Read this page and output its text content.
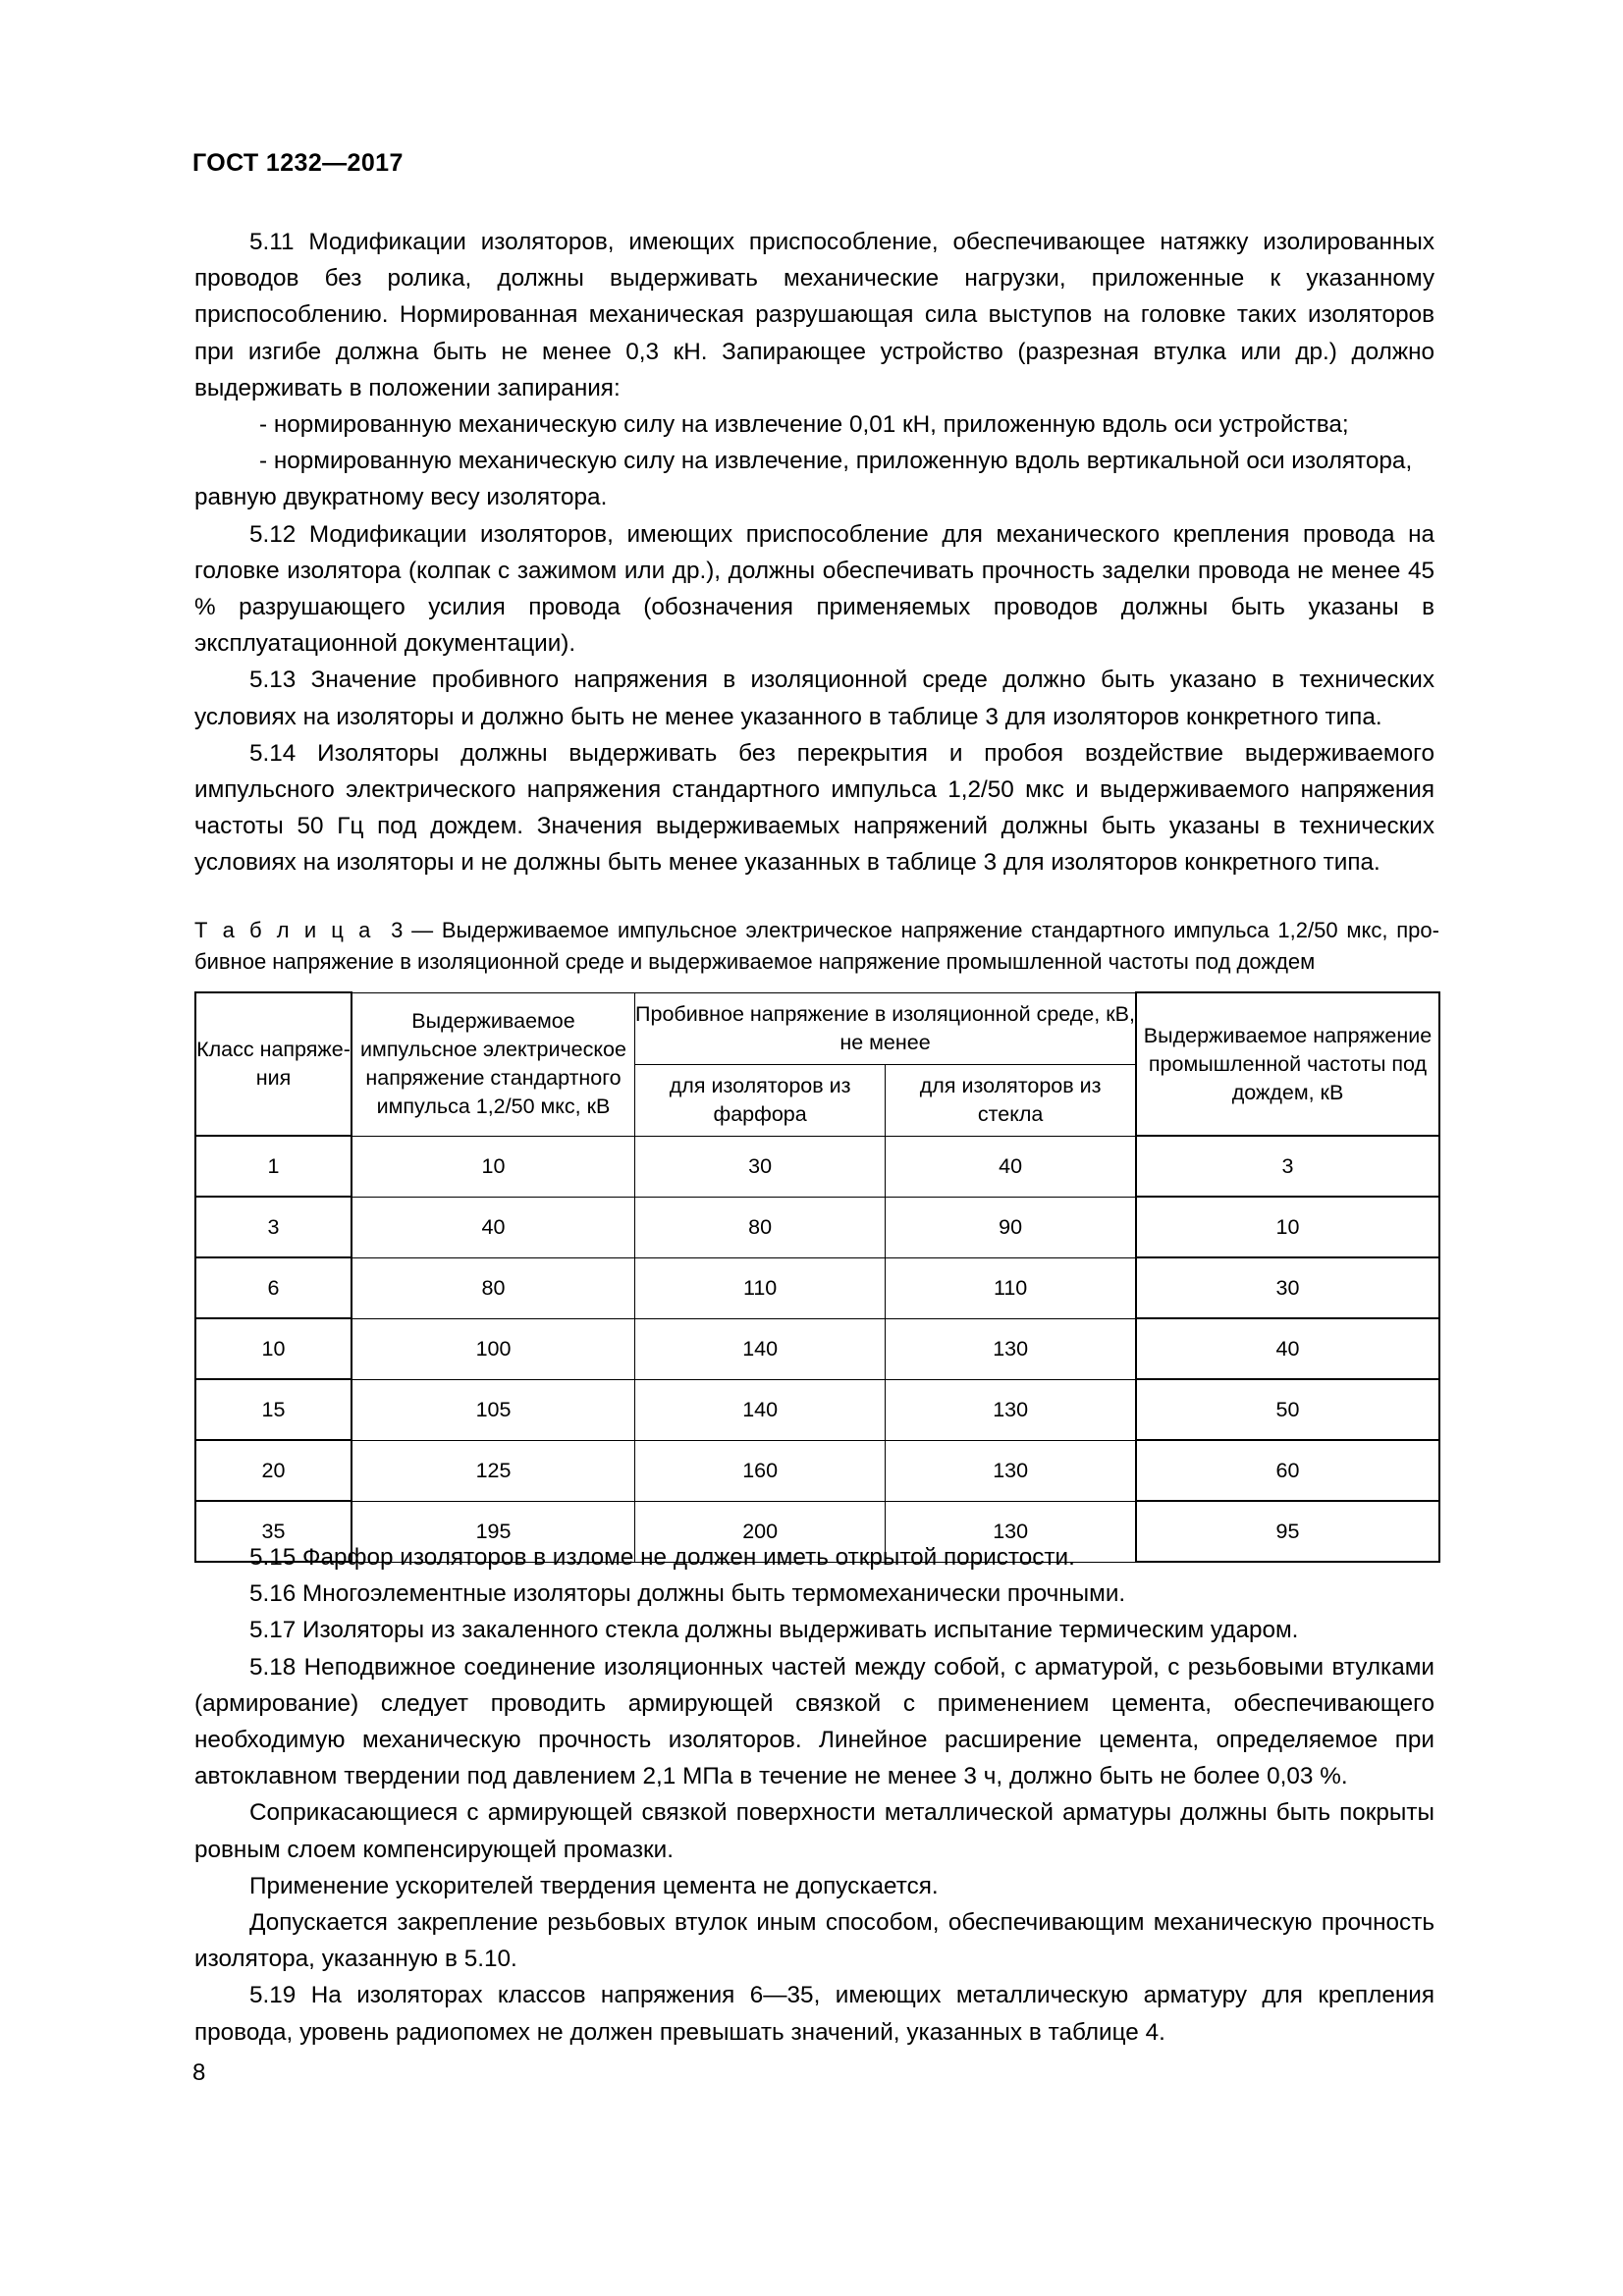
ГОСТ 1232—2017

5.11 Модификации изоляторов, имеющих приспособление, обеспечивающее натяжку изолированных проводов без ролика, должны выдерживать механические нагрузки, приложенные к указанному приспособлению. Нормированная механическая разрушающая сила выступов на головке таких изоляторов при изгибе должна быть не менее 0,3 кН. Запирающее устройство (разрезная втулка или др.) должно выдерживать в положении запирания:

- нормированную механическую силу на извлечение 0,01 кН, приложенную вдоль оси устройства;

- нормированную механическую силу на извлечение, приложенную вдоль вертикальной оси изолятора, равную двукратному весу изолятора.

5.12 Модификации изоляторов, имеющих приспособление для механического крепления провода на головке изолятора (колпак с зажимом или др.), должны обеспечивать прочность заделки провода не менее 45 % разрушающего усилия провода (обозначения применяемых проводов должны быть указаны в эксплуатационной документации).

5.13 Значение пробивного напряжения в изоляционной среде должно быть указано в технических условиях на изоляторы и должно быть не менее указанного в таблице 3 для изоляторов конкретного типа.

5.14 Изоляторы должны выдерживать без перекрытия и пробоя воздействие выдерживаемого импульсного электрического напряжения стандартного импульса 1,2/50 мкс и выдерживаемого напряжения частоты 50 Гц под дождем. Значения выдерживаемых напряжений должны быть указаны в технических условиях на изоляторы и не должны быть менее указанных в таблице 3 для изоляторов конкретного типа.

Т а б л и ц а 3 — Выдерживаемое импульсное электрическое напряжение стандартного импульса 1,2/50 мкс, пробивное напряжение в изоляционной среде и выдерживаемое напряжение промышленной частоты под дождем
Класс напряжения	Выдерживаемое импульсное электрическое напряжение стандартного импульса 1,2/50 мкс, кВ	Пробивное напряжение в изоляционной среде, кВ, не менее		Выдерживаемое напряжение промышленной частоты под дождем, кВ
		для изоляторов из фарфора	для изоляторов из стекла	
1	10	30	40	3
3	40	80	90	10
6	80	110	110	30
10	100	140	130	40
15	105	140	130	50
20	125	160	130	60
35	195	200	130	95

5.15 Фарфор изоляторов в изломе не должен иметь открытой пористости.

5.16 Многоэлементные изоляторы должны быть термомеханически прочными.

5.17 Изоляторы из закаленного стекла должны выдерживать испытание термическим ударом.

5.18 Неподвижное соединение изоляционных частей между собой, с арматурой, с резьбовыми втулками (армирование) следует проводить армирующей связкой с применением цемента, обеспечивающего необходимую механическую прочность изоляторов. Линейное расширение цемента, определяемое при автоклавном твердении под давлением 2,1 МПа в течение не менее 3 ч, должно быть не более 0,03 %.

Соприкасающиеся с армирующей связкой поверхности металлической арматуры должны быть покрыты ровным слоем компенсирующей промазки.

Применение ускорителей твердения цемента не допускается.

Допускается закрепление резьбовых втулок иным способом, обеспечивающим механическую прочность изолятора, указанную в 5.10.

5.19 На изоляторах классов напряжения 6—35, имеющих металлическую арматуру для крепления провода, уровень радиопомех не должен превышать значений, указанных в таблице 4.

8
